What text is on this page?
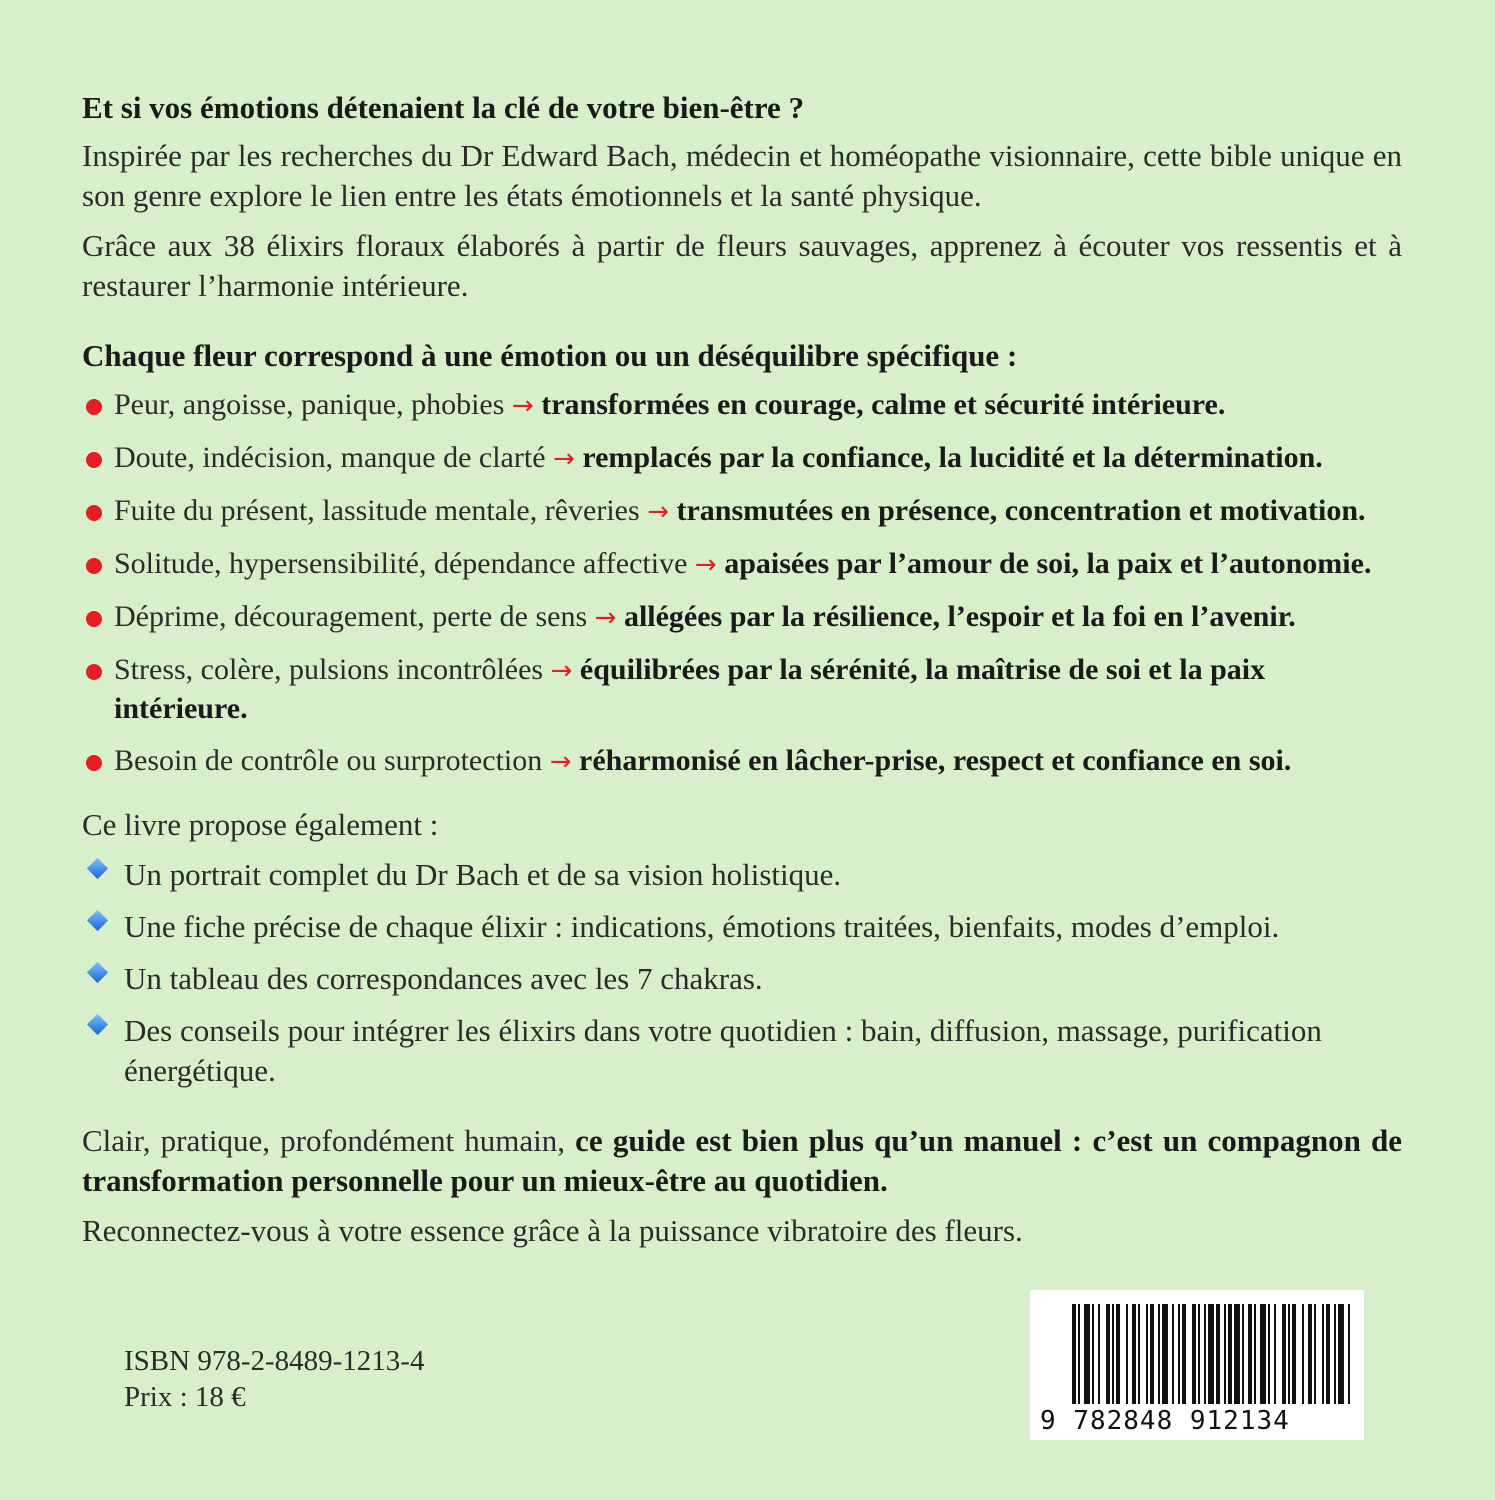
Et si vos émotions détenaient la clé de votre bien-être ?

Inspirée par les recherches du Dr Edward Bach, médecin et homéopathe visionnaire, cette bible unique en son genre explore le lien entre les états émotionnels et la santé physique.

Grâce aux 38 élixirs floraux élaborés à partir de fleurs sauvages, apprenez à écouter vos ressentis et à restaurer l’harmonie intérieure.

Chaque fleur correspond à une émotion ou un déséquilibre spécifique :

Peur, angoisse, panique, phobies → transformées en courage, calme et sécurité intérieure.
Doute, indécision, manque de clarté → remplacés par la confiance, la lucidité et la détermination.
Fuite du présent, lassitude mentale, rêveries → transmutées en présence, concentration et motivation.
Solitude, hypersensibilité, dépendance affective → apaisées par l’amour de soi, la paix et l’autonomie.
Déprime, découragement, perte de sens → allégées par la résilience, l’espoir et la foi en l’avenir.
Stress, colère, pulsions incontrôlées → équilibrées par la sérénité, la maîtrise de soi et la paix intérieure.
Besoin de contrôle ou surprotection → réharmonisé en lâcher-prise, respect et confiance en soi.

Ce livre propose également :

Un portrait complet du Dr Bach et de sa vision holistique.
Une fiche précise de chaque élixir : indications, émotions traitées, bienfaits, modes d’emploi.
Un tableau des correspondances avec les 7 chakras.
Des conseils pour intégrer les élixirs dans votre quotidien : bain, diffusion, massage, purification énergétique.

Clair, pratique, profondément humain, ce guide est bien plus qu’un manuel : c’est un compagnon de transformation personnelle pour un mieux-être au quotidien.

Reconnectez-vous à votre essence grâce à la puissance vibratoire des fleurs.

ISBN 978-2-8489-1213-4
Prix : 18 €
9 782848 912134
